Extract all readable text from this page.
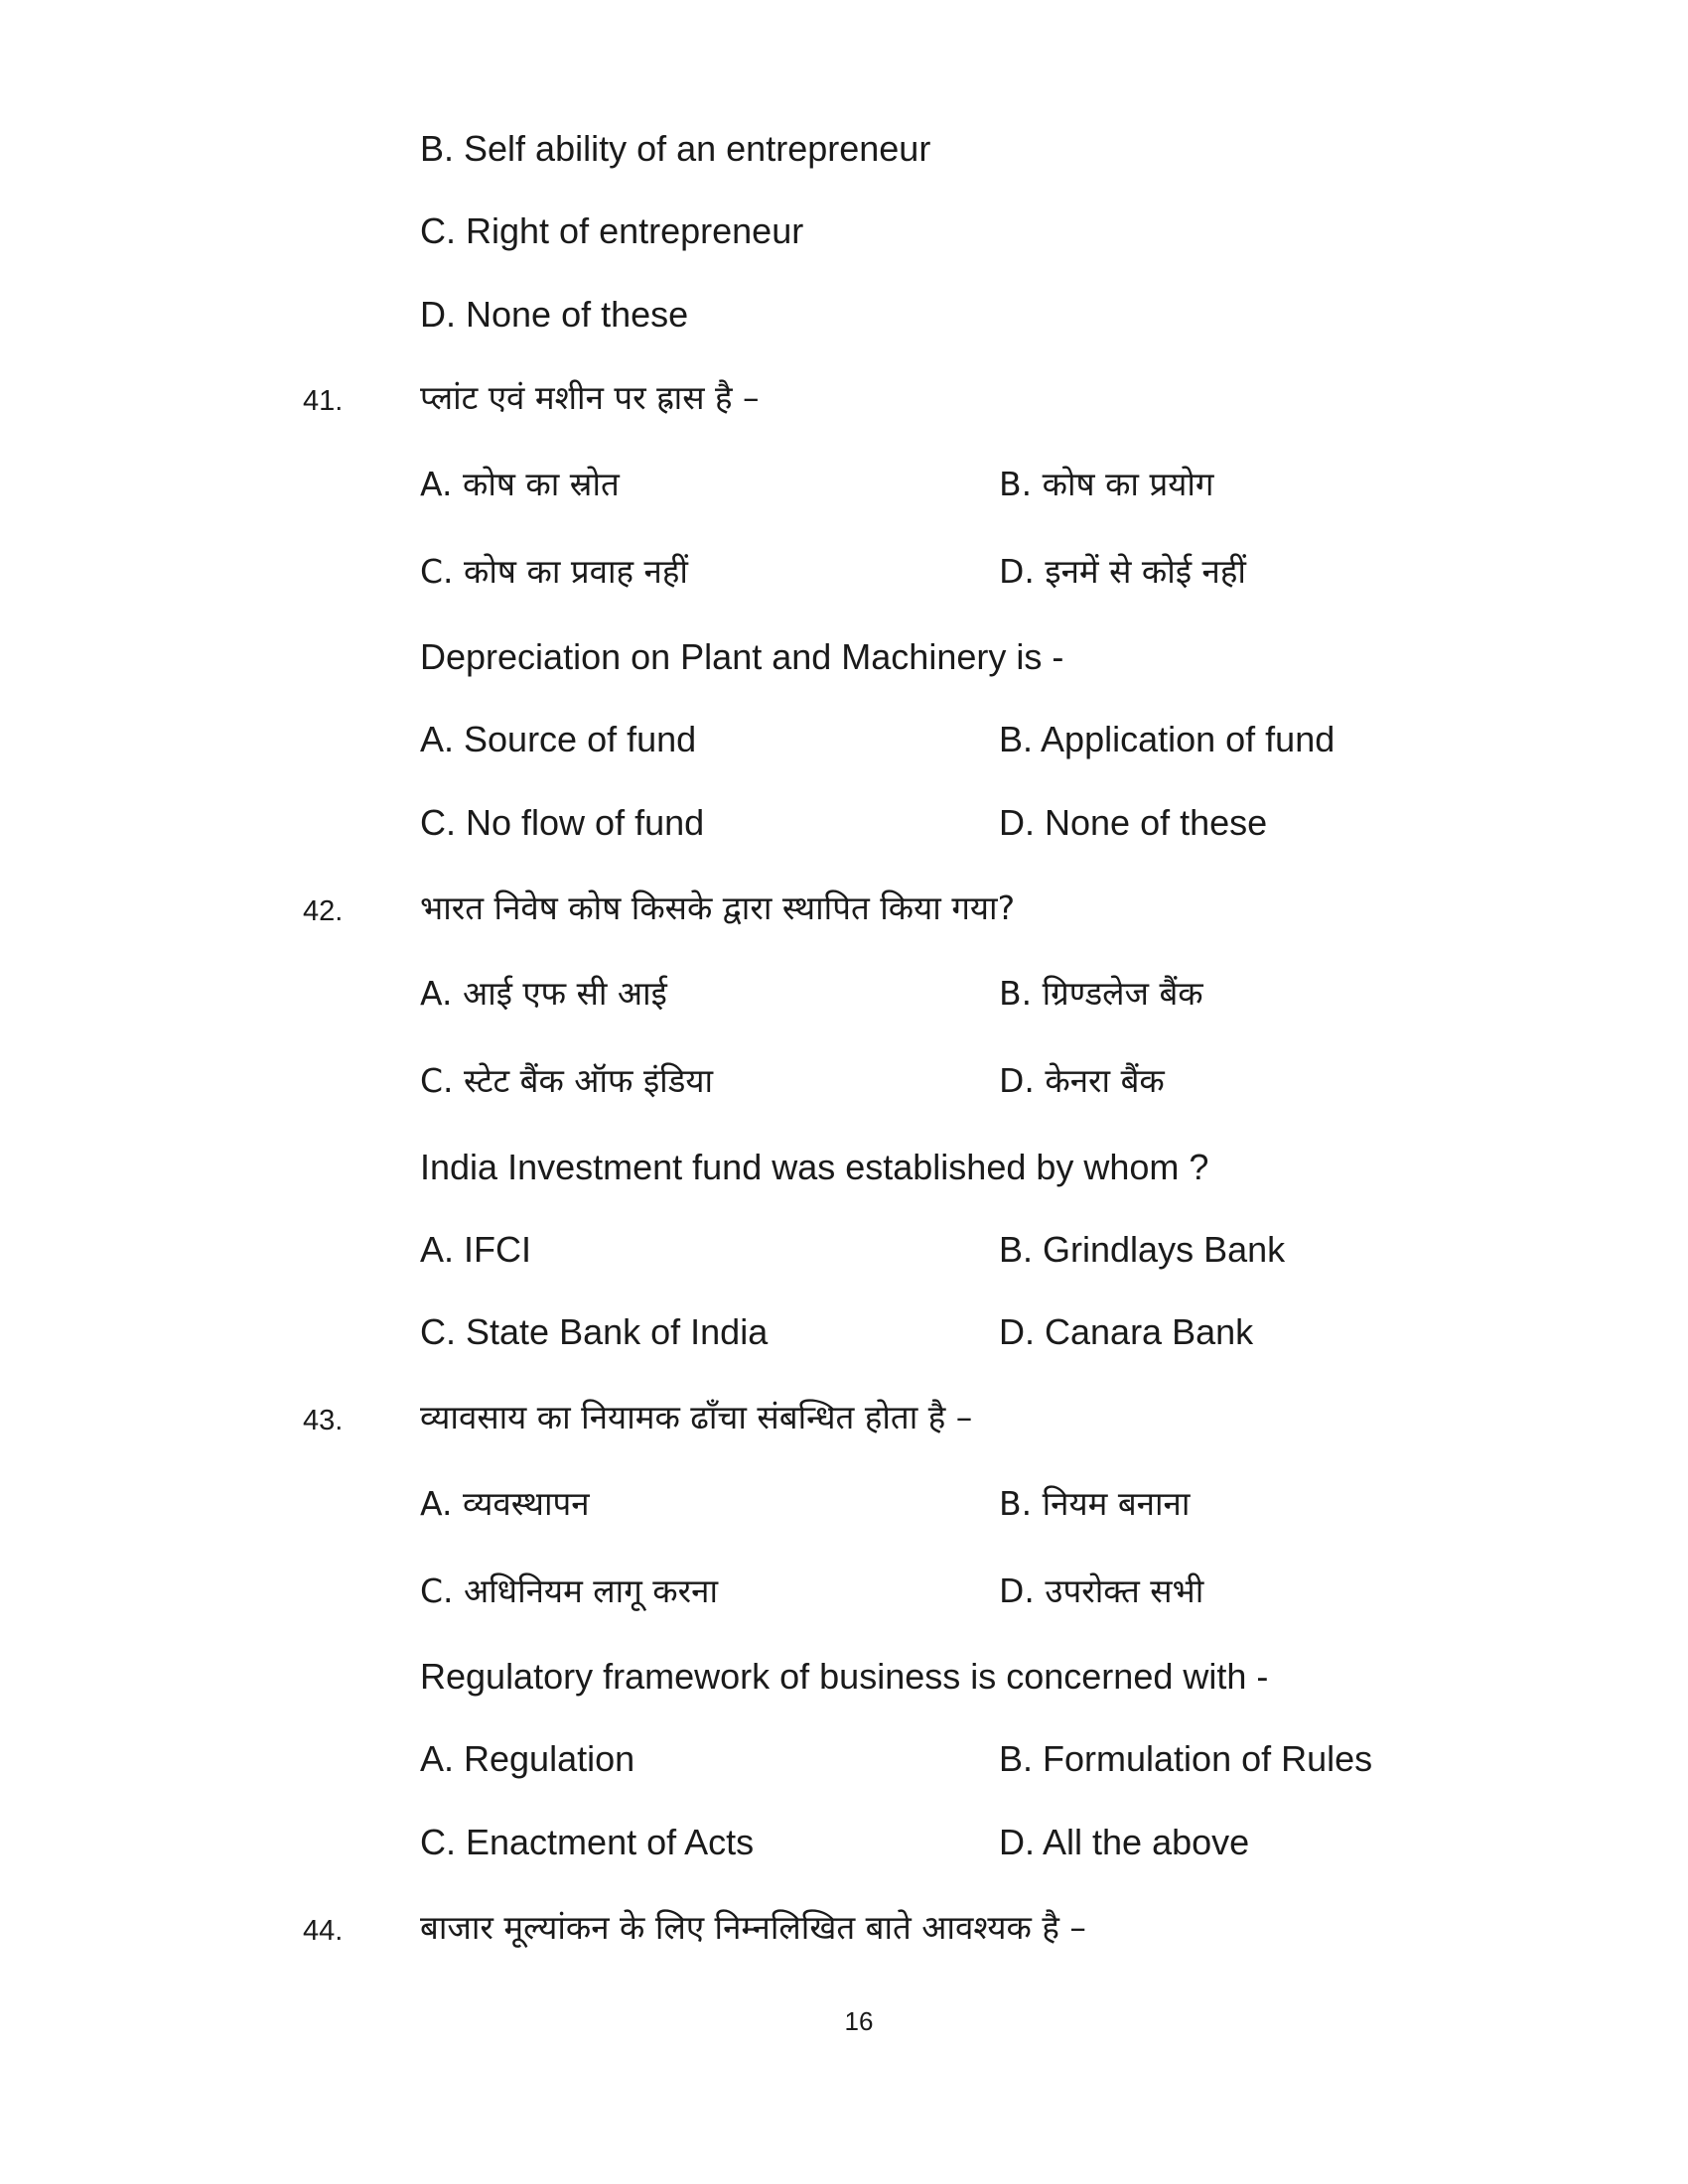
B. Self ability of an entrepreneur
C. Right of entrepreneur
D. None of these
41. प्लांट एवं मशीन पर ह्रास है –
A. कोष का स्रोत	B. कोष का प्रयोग
C. कोष का प्रवाह नहीं	D. इनमें से कोई नहीं
Depreciation on Plant and Machinery is -
A. Source of fund	B. Application of fund
C. No flow of fund	D. None of these
42. भारत निवेष कोष किसके द्वारा स्थापित किया गया?
A. आई एफ सी आई	B. ग्रिण्डलेज बैंक
C. स्टेट बैंक ऑफ इंडिया	D. केनरा बैंक
India Investment fund was established by whom ?
A. IFCI	B. Grindlays Bank
C. State Bank of India	D. Canara Bank
43. व्यावसाय का नियामक ढाँचा संबन्धित होता है –
A. व्यवस्थापन	B. नियम बनाना
C. अधिनियम लागू करना	D. उपरोक्त सभी
Regulatory framework of business is concerned with -
A. Regulation	B. Formulation of Rules
C. Enactment of Acts	D. All the above
44. बाजार मूल्यांकन के लिए निम्नलिखित बाते आवश्यक है –
16
